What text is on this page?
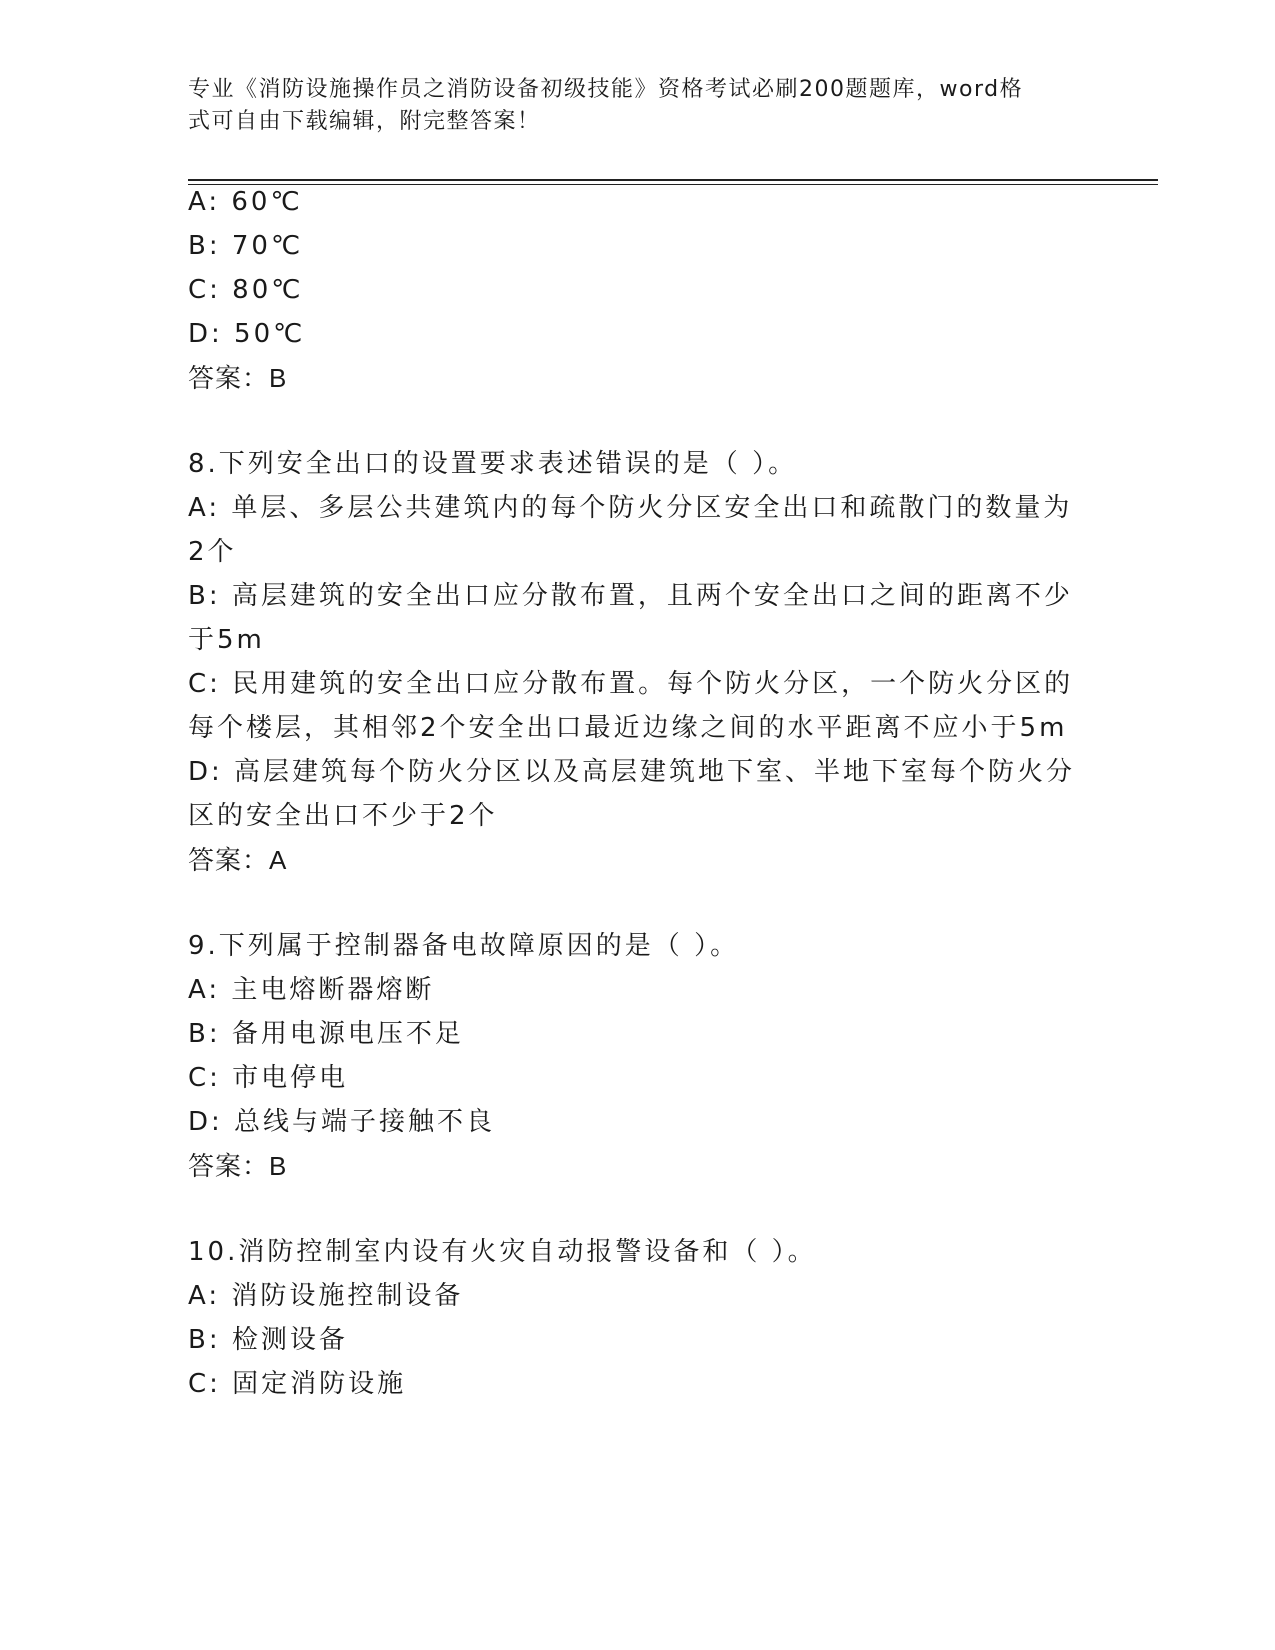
专业《消防设施操作员之消防设备初级技能》资格考试必刷200题题库，word格
式可自由下载编辑，附完整答案！
A: 60℃
B: 70℃
C: 80℃
D: 50℃
答案：B
8.下列安全出口的设置要求表述错误的是（ ）。
A: 单层、多层公共建筑内的每个防火分区安全出口和疏散门的数量为
2个
B: 高层建筑的安全出口应分散布置，且两个安全出口之间的距离不少
于5m
C: 民用建筑的安全出口应分散布置。每个防火分区，一个防火分区的
每个楼层，其相邻2个安全出口最近边缘之间的水平距离不应小于5m
D: 高层建筑每个防火分区以及高层建筑地下室、半地下室每个防火分
区的安全出口不少于2个
答案：A
9.下列属于控制器备电故障原因的是（ ）。
A: 主电熔断器熔断
B: 备用电源电压不足
C: 市电停电
D: 总线与端子接触不良
答案：B
10.消防控制室内设有火灾自动报警设备和（ ）。
A: 消防设施控制设备
B: 检测设备
C: 固定消防设施
